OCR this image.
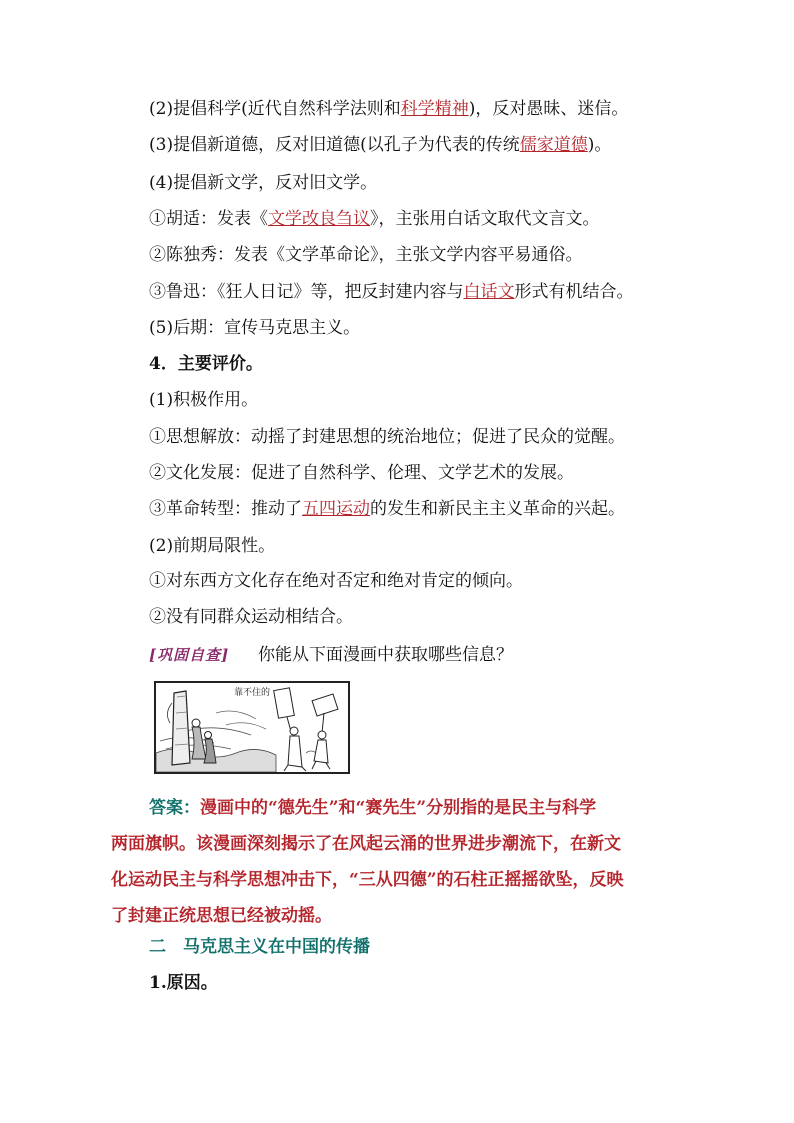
(2)提倡科学(近代自然科学法则和科学精神)，反对愚昧、迷信。
(3)提倡新道德，反对旧道德(以孔子为代表的传统儒家道德)。
(4)提倡新文学，反对旧文学。
①胡适：发表《文学改良刍议》，主张用白话文取代文言文。
②陈独秀：发表《文学革命论》，主张文学内容平易通俗。
③鲁迅：《狂人日记》等，把反封建内容与白话文形式有机结合。
(5)后期：宣传马克思主义。
4．主要评价。
(1)积极作用。
①思想解放：动摇了封建思想的统治地位；促进了民众的觉醒。
②文化发展：促进了自然科学、伦理、文学艺术的发展。
③革命转型：推动了五四运动的发生和新民主主义革命的兴起。
(2)前期局限性。
①对东西方文化存在绝对否定和绝对肯定的倾向。
②没有同群众运动相结合。
[巩固自查] 你能从下面漫画中获取哪些信息？
靠不住的
答案：漫画中的“德先生”和“赛先生”分别指的是民主与科学
两面旗帜。该漫画深刻揭示了在风起云涌的世界进步潮流下，在新文
化运动民主与科学思想冲击下，“三从四德”的石柱正摇摇欲坠，反映
了封建正统思想已经被动摇。
二　马克思主义在中国的传播
1.原因。
